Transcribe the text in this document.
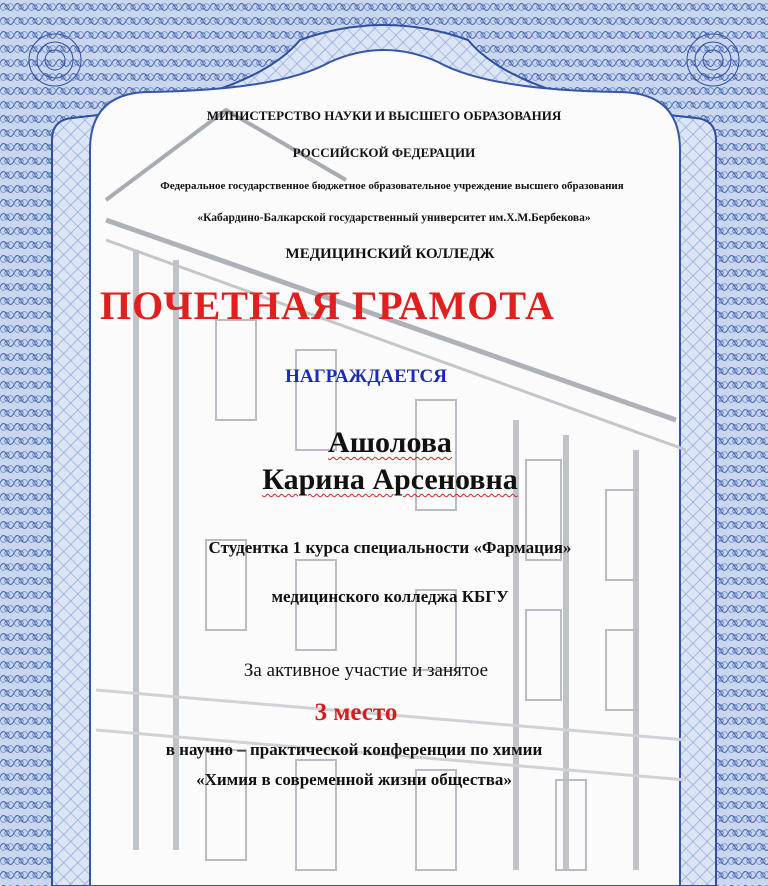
МИНИСТЕРСТВО НАУКИ И ВЫСШЕГО ОБРАЗОВАНИЯ
РОССИЙСКОЙ ФЕДЕРАЦИИ
Федеральное государственное бюджетное образовательное учреждение высшего образования
«Кабардино-Балкарской государственный университет им.Х.М.Бербекова»
МЕДИЦИНСКИЙ КОЛЛЕДЖ
ПОЧЕТНАЯ ГРАМОТА
НАГРАЖДАЕТСЯ
Ашолова
Карина Арсеновна
Студентка 1 курса специальности «Фармация»
медицинского колледжа КБГУ
За активное участие и занятое
3 место
в научно – практической конференции по химии
«Химия в современной жизни общества»
